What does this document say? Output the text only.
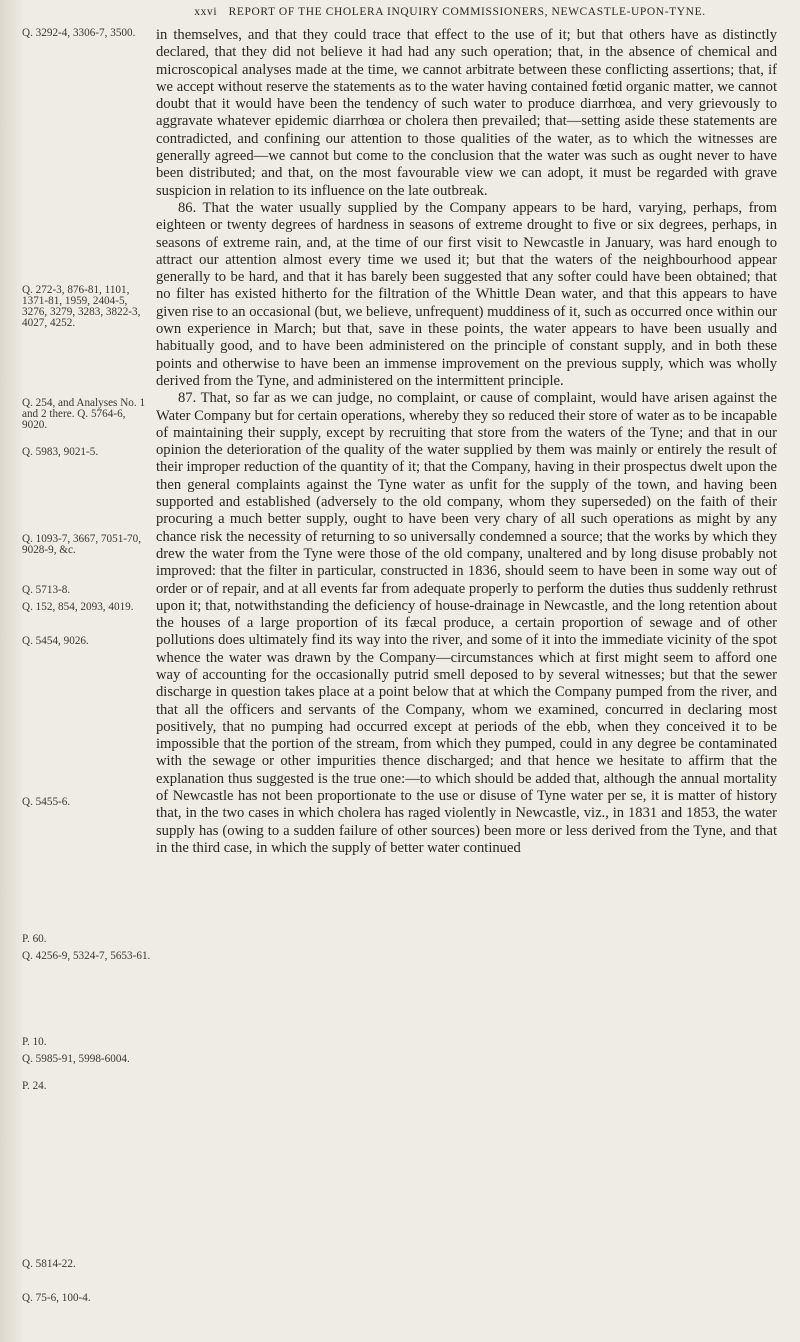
xxvi REPORT OF THE CHOLERA INQUIRY COMMISSIONERS, NEWCASTLE-UPON-TYNE.
Q. 3292-4, 3306-7, 3500.
Q. 272-3, 876-81, 1101, 1371-81, 1959, 2404-5, 3276, 3279, 3283, 3822-3, 4027, 4252.
Q. 254, and Analyses No. 1 and 2 there. Q. 5764-6, 9020.
Q. 5983, 9021-5.
Q. 1093-7, 3667, 7051-70, 9028-9, &c.
Q. 5713-8.
Q. 152, 854, 2093, 4019.
Q. 5454, 9026.
Q. 5455-6.
P. 60.
Q. 4256-9, 5324-7, 5653-61.
P. 10.
Q. 5985-91, 5998-6004.
P. 24.
Q. 5814-22.
Q. 75-6, 100-4.

in themselves, and that they could trace that effect to the use of it; but that others have as distinctly declared, that they did not believe it had had any such operation; that, in the absence of chemical and microscopical analyses made at the time, we cannot arbitrate between these conflicting assertions; that, if we accept without reserve the statements as to the water having contained fœtid organic matter, we cannot doubt that it would have been the tendency of such water to produce diarrhœa, and very grievously to aggravate whatever epidemic diarrhœa or cholera then prevailed; that—setting aside these statements are contradicted, and confining our attention to those qualities of the water, as to which the witnesses are generally agreed—we cannot but come to the conclusion that the water was such as ought never to have been distributed; and that, on the most favourable view we can adopt, it must be regarded with grave suspicion in relation to its influence on the late outbreak.

86. That the water usually supplied by the Company appears to be hard, varying, perhaps, from eighteen or twenty degrees of hardness in seasons of extreme drought to five or six degrees, perhaps, in seasons of extreme rain, and, at the time of our first visit to Newcastle in January, was hard enough to attract our attention almost every time we used it; but that the waters of the neighbourhood appear generally to be hard, and that it has barely been suggested that any softer could have been obtained; that no filter has existed hitherto for the filtration of the Whittle Dean water, and that this appears to have given rise to an occasional (but, we believe, unfrequent) muddiness of it, such as occurred once within our own experience in March; but that, save in these points, the water appears to have been usually and habitually good, and to have been administered on the principle of constant supply, and in both these points and otherwise to have been an immense improvement on the previous supply, which was wholly derived from the Tyne, and administered on the intermittent principle.

87. That, so far as we can judge, no complaint, or cause of complaint, would have arisen against the Water Company but for certain operations, whereby they so reduced their store of water as to be incapable of maintaining their supply, except by recruiting that store from the waters of the Tyne; and that in our opinion the deterioration of the quality of the water supplied by them was mainly or entirely the result of their improper reduction of the quantity of it; that the Company, having in their prospectus dwelt upon the then general complaints against the Tyne water as unfit for the supply of the town, and having been supported and established (adversely to the old company, whom they superseded) on the faith of their procuring a much better supply, ought to have been very chary of all such operations as might by any chance risk the necessity of returning to so universally condemned a source; that the works by which they drew the water from the Tyne were those of the old company, unaltered and by long disuse probably not improved: that the filter in particular, constructed in 1836, should seem to have been in some way out of order or of repair, and at all events far from adequate properly to perform the duties thus suddenly rethrust upon it; that, notwithstanding the deficiency of house-drainage in Newcastle, and the long retention about the houses of a large proportion of its fæcal produce, a certain proportion of sewage and of other pollutions does ultimately find its way into the river, and some of it into the immediate vicinity of the spot whence the water was drawn by the Company—circumstances which at first might seem to afford one way of accounting for the occasionally putrid smell deposed to by several witnesses; but that the sewer discharge in question takes place at a point below that at which the Company pumped from the river, and that all the officers and servants of the Company, whom we examined, concurred in declaring most positively, that no pumping had occurred except at periods of the ebb, when they conceived it to be impossible that the portion of the stream, from which they pumped, could in any degree be contaminated with the sewage or other impurities thence discharged; and that hence we hesitate to affirm that the explanation thus suggested is the true one:—to which should be added that, although the annual mortality of Newcastle has not been proportionate to the use or disuse of Tyne water per se, it is matter of history that, in the two cases in which cholera has raged violently in Newcastle, viz., in 1831 and 1853, the water supply has (owing to a sudden failure of other sources) been more or less derived from the Tyne, and that in the third case, in which the supply of better water continued
